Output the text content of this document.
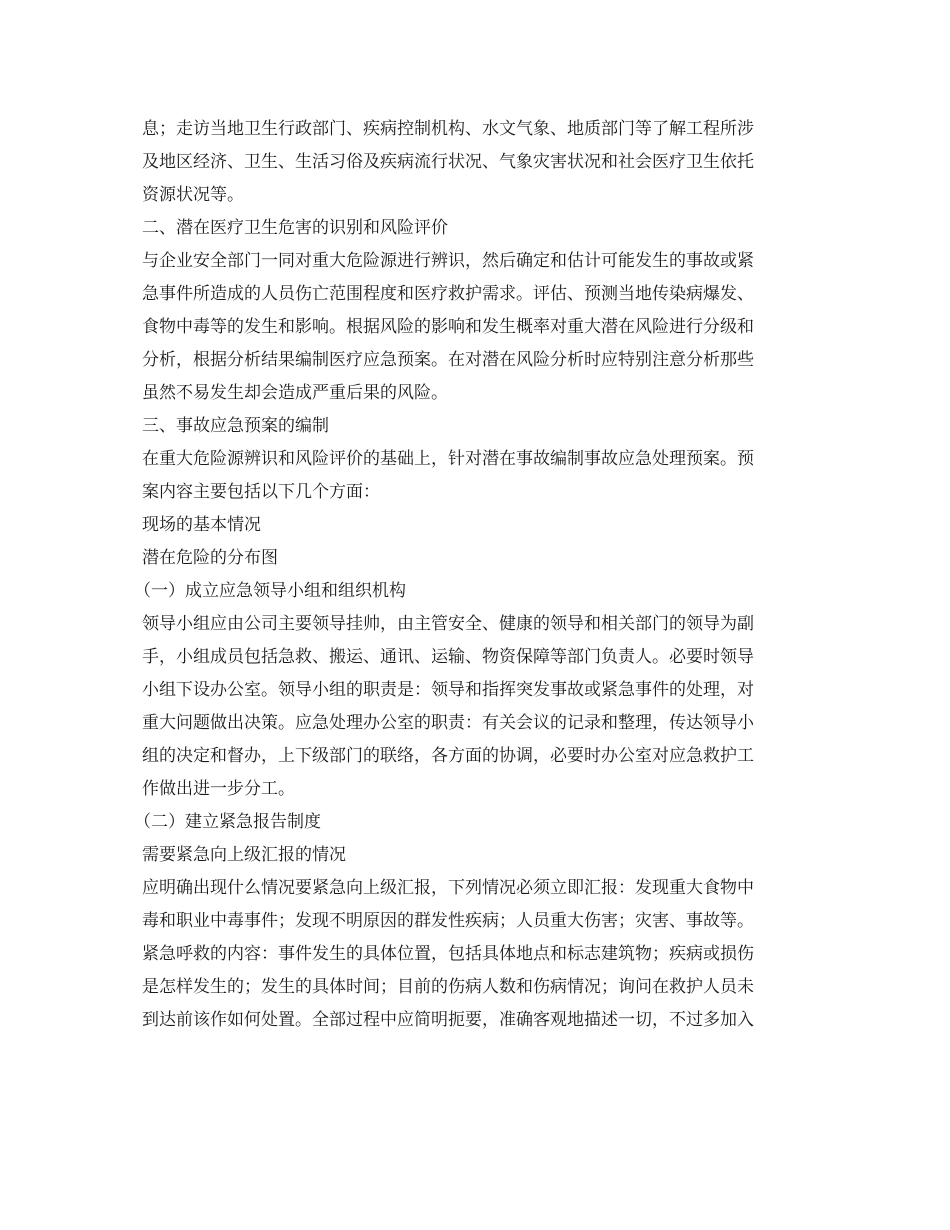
息；走访当地卫生行政部门、疾病控制机构、水文气象、地质部门等了解工程所涉

及地区经济、卫生、生活习俗及疾病流行状况、气象灾害状况和社会医疗卫生依托

资源状况等。

二、潜在医疗卫生危害的识别和风险评价

与企业安全部门一同对重大危险源进行辨识，然后确定和估计可能发生的事故或紧

急事件所造成的人员伤亡范围程度和医疗救护需求。评估、预测当地传染病爆发、

食物中毒等的发生和影响。根据风险的影响和发生概率对重大潜在风险进行分级和

分析，根据分析结果编制医疗应急预案。在对潜在风险分析时应特别注意分析那些

虽然不易发生却会造成严重后果的风险。

三、事故应急预案的编制

在重大危险源辨识和风险评价的基础上，针对潜在事故编制事故应急处理预案。预

案内容主要包括以下几个方面：

现场的基本情况

潜在危险的分布图

（一）成立应急领导小组和组织机构

领导小组应由公司主要领导挂帅，由主管安全、健康的领导和相关部门的领导为副

手，小组成员包括急救、搬运、通讯、运输、物资保障等部门负责人。必要时领导

小组下设办公室。领导小组的职责是：领导和指挥突发事故或紧急事件的处理，对

重大问题做出决策。应急处理办公室的职责：有关会议的记录和整理，传达领导小

组的决定和督办，上下级部门的联络，各方面的协调，必要时办公室对应急救护工

作做出进一步分工。

（二）建立紧急报告制度

需要紧急向上级汇报的情况

应明确出现什么情况要紧急向上级汇报，下列情况必须立即汇报：发现重大食物中

毒和职业中毒事件；发现不明原因的群发性疾病；人员重大伤害；灾害、事故等。

紧急呼救的内容：事件发生的具体位置，包括具体地点和标志建筑物；疾病或损伤

是怎样发生的；发生的具体时间；目前的伤病人数和伤病情况；询问在救护人员未

到达前该作如何处置。全部过程中应简明扼要，准确客观地描述一切，不过多加入
